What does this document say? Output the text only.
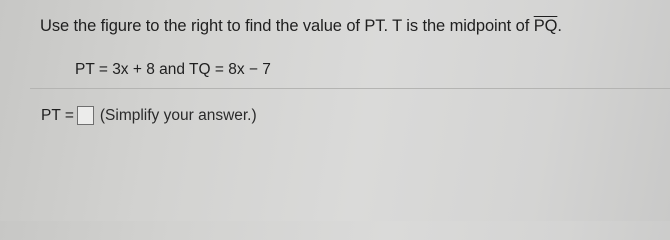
Use the figure to the right to find the value of PT. T is the midpoint of $\overline{PQ}$.
PT = 3x + 8 and TQ = 8x − 7
PT = (Simplify your answer.)
